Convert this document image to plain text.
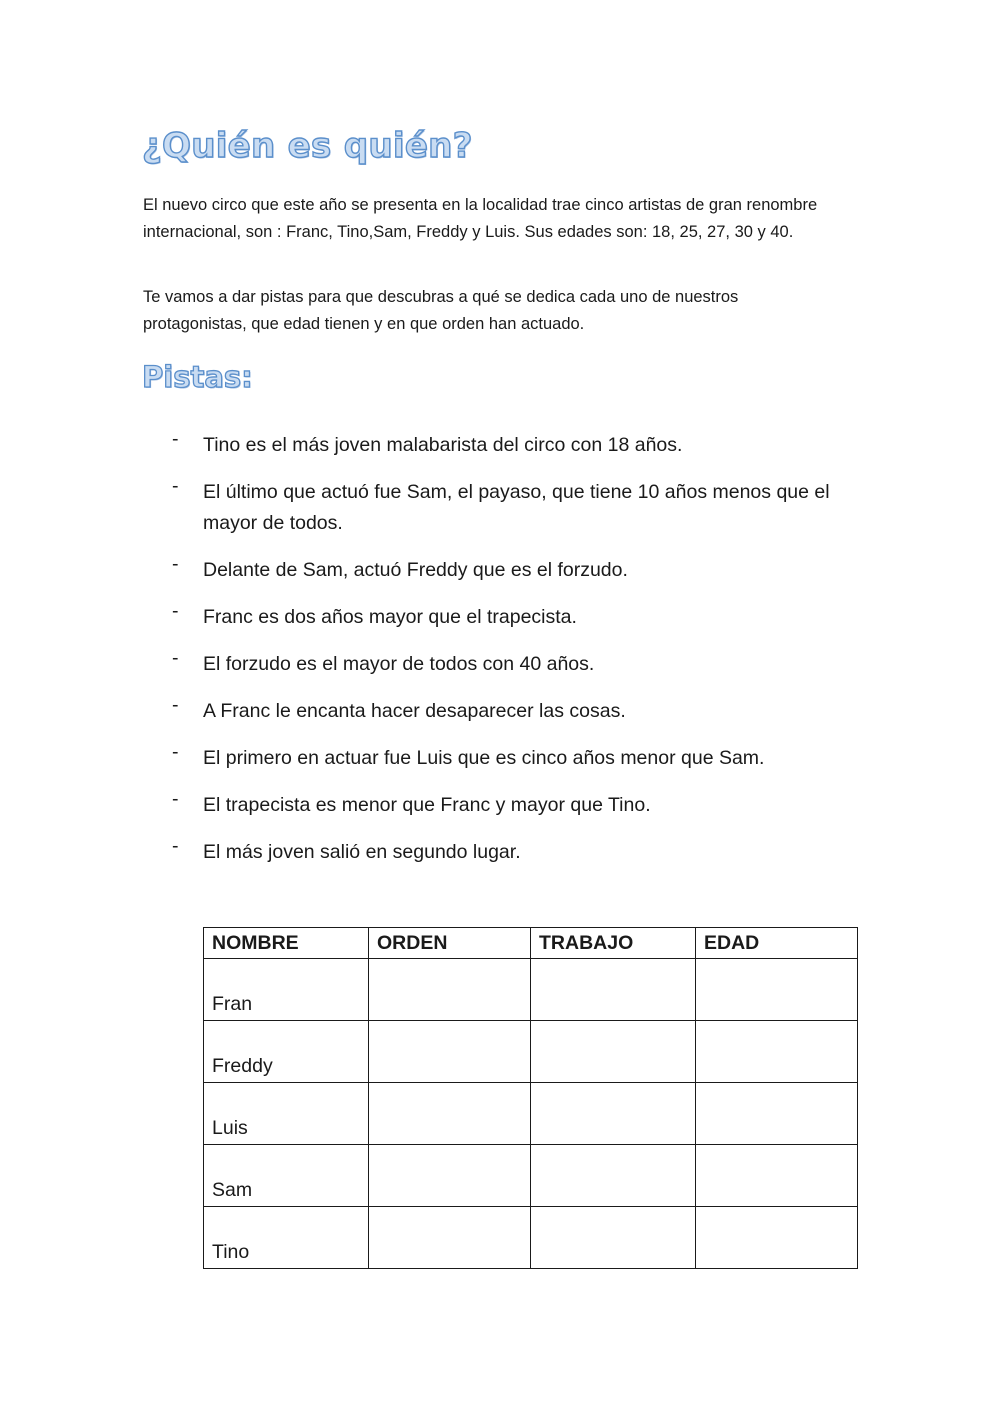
¿Quién es quién?

El nuevo circo que este año se presenta en la localidad trae cinco artistas de gran renombre internacional, son : Franc, Tino,Sam, Freddy y Luis. Sus edades son: 18, 25, 27, 30 y 40.

Te vamos a dar pistas para que descubras a qué se dedica cada uno de nuestros protagonistas, que edad tienen y en que orden han actuado.

Pistas:
-	Tino es el más joven malabarista del circo con 18 años.
-	El último que actuó fue Sam, el payaso, que tiene 10 años menos que el mayor de todos.
-	Delante de Sam, actuó Freddy que es el forzudo.
-	Franc es dos años mayor que el trapecista.
-	El forzudo es el mayor de todos con 40 años.
-	A Franc le encanta hacer desaparecer las cosas.
-	El primero en actuar fue Luis que es cinco años menor que Sam.
-	El trapecista es menor que Franc y mayor que Tino.
-	El más joven salió en segundo lugar.
NOMBRE	ORDEN	TRABAJO	EDAD
Fran			
Freddy			
Luis			
Sam			
Tino			
